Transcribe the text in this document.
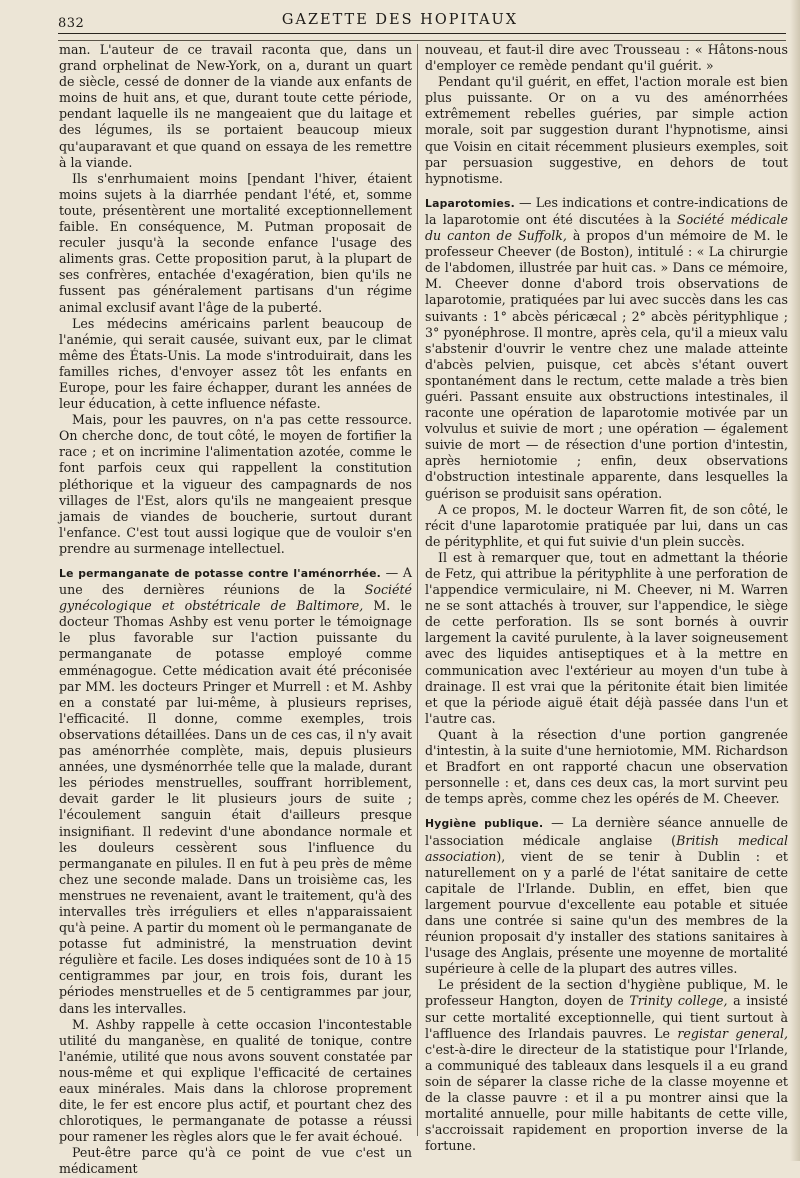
832	GAZETTE DES HOPITAUX

man. L'auteur de ce travail raconta que, dans un grand orphelinat de New-York, on a, durant un quart de siècle, cessé de donner de la viande aux enfants de moins de huit ans, et que, durant toute cette période, pendant laquelle ils ne mangeaient que du laitage et des légumes, ils se portaient beaucoup mieux qu'auparavant et que quand on essaya de les remettre à la viande.

Ils s'enrhumaient moins [pendant l'hiver, étaient moins sujets à la diarrhée pendant l'été, et, somme toute, présentèrent une mortalité exceptionnellement faible. En conséquence, M. Putman proposait de reculer jusqu'à la seconde enfance l'usage des aliments gras. Cette proposition parut, à la plupart de ses confrères, entachée d'exagération, bien qu'ils ne fussent pas généralement partisans d'un régime animal exclusif avant l'âge de la puberté.

Les médecins américains parlent beaucoup de l'anémie, qui serait causée, suivant eux, par le climat même des États-Unis. La mode s'introduirait, dans les familles riches, d'envoyer assez tôt les enfants en Europe, pour les faire échapper, durant les années de leur éducation, à cette influence néfaste.

Mais, pour les pauvres, on n'a pas cette ressource. On cherche donc, de tout côté, le moyen de fortifier la race ; et on incrimine l'alimentation azotée, comme le font parfois ceux qui rappellent la constitution pléthorique et la vigueur des campagnards de nos villages de l'Est, alors qu'ils ne mangeaient presque jamais de viandes de boucherie, surtout durant l'enfance. C'est tout aussi logique que de vouloir s'en prendre au surmenage intellectuel.

Le permanganate de potasse contre l'aménorrhée. — A une des dernières réunions de la Société gynécologique et obstétricale de Baltimore, M. le docteur Thomas Ashby est venu porter le témoignage le plus favorable sur l'action puissante du permanganate de potasse employé comme emménagogue. Cette médication avait été préconisée par MM. les docteurs Pringer et Murrell : et M. Ashby en a constaté par lui-même, à plusieurs reprises, l'efficacité. Il donne, comme exemples, trois observations détaillées. Dans un de ces cas, il n'y avait pas aménorrhée complète, mais, depuis plusieurs années, une dysménorrhée telle que la malade, durant les périodes menstruelles, souffrant horriblement, devait garder le lit plusieurs jours de suite ; l'écoulement sanguin était d'ailleurs presque insignifiant. Il redevint d'une abondance normale et les douleurs cessèrent sous l'influence du permanganate en pilules. Il en fut à peu près de même chez une seconde malade. Dans un troisième cas, les menstrues ne revenaient, avant le traitement, qu'à des intervalles très irréguliers et elles n'apparaissaient qu'à peine. A partir du moment où le permanganate de potasse fut administré, la menstruation devint régulière et facile. Les doses indiquées sont de 10 à 15 centigrammes par jour, en trois fois, durant les périodes menstruelles et de 5 centigrammes par jour, dans les intervalles.

M. Ashby rappelle à cette occasion l'incontestable utilité du manganèse, en qualité de tonique, contre l'anémie, utilité que nous avons souvent constatée par nous-même et qui explique l'efficacité de certaines eaux minérales. Mais dans la chlorose proprement dite, le fer est encore plus actif, et pourtant chez des chlorotiques, le permanganate de potasse a réussi pour ramener les règles alors que le fer avait échoué.

Peut-être parce qu'à ce point de vue c'est un médicament

nouveau, et faut-il dire avec Trousseau : « Hâtons-nous d'employer ce remède pendant qu'il guérit. »

Pendant qu'il guérit, en effet, l'action morale est bien plus puissante. Or on a vu des aménorrhées extrêmement rebelles guéries, par simple action morale, soit par suggestion durant l'hypnotisme, ainsi que Voisin en citait récemment plusieurs exemples, soit par persuasion suggestive, en dehors de tout hypnotisme.

Laparotomies. — Les indications et contre-indications de la laparotomie ont été discutées à la Société médicale du canton de Suffolk, à propos d'un mémoire de M. le professeur Cheever (de Boston), intitulé : « La chirurgie de l'abdomen, illustrée par huit cas. » Dans ce mémoire, M. Cheever donne d'abord trois observations de laparotomie, pratiquées par lui avec succès dans les cas suivants : 1° abcès péricæcal ; 2° abcès pérityphlique ; 3° pyonéphrose. Il montre, après cela, qu'il a mieux valu s'abstenir d'ouvrir le ventre chez une malade atteinte d'abcès pelvien, puisque, cet abcès s'étant ouvert spontanément dans le rectum, cette malade a très bien guéri. Passant ensuite aux obstructions intestinales, il raconte une opération de laparotomie motivée par un volvulus et suivie de mort ; une opération — également suivie de mort — de résection d'une portion d'intestin, après herniotomie ; enfin, deux observations d'obstruction intestinale apparente, dans lesquelles la guérison se produisit sans opération.

A ce propos, M. le docteur Warren fit, de son côté, le récit d'une laparotomie pratiquée par lui, dans un cas de pérityphlite, et qui fut suivie d'un plein succès.

Il est à remarquer que, tout en admettant la théorie de Fetz, qui attribue la pérityphlite à une perforation de l'appendice vermiculaire, ni M. Cheever, ni M. Warren ne se sont attachés à trouver, sur l'appendice, le siège de cette perforation. Ils se sont bornés à ouvrir largement la cavité purulente, à la laver soigneusement avec des liquides antiseptiques et à la mettre en communication avec l'extérieur au moyen d'un tube à drainage. Il est vrai que la péritonite était bien limitée et que la période aiguë était déjà passée dans l'un et l'autre cas.

Quant à la résection d'une portion gangrenée d'intestin, à la suite d'une herniotomie, MM. Richardson et Bradfort en ont rapporté chacun une observation personnelle : et, dans ces deux cas, la mort survint peu de temps après, comme chez les opérés de M. Cheever.

Hygiène publique. — La dernière séance annuelle de l'association médicale anglaise (British medical association), vient de se tenir à Dublin : et naturellement on y a parlé de l'état sanitaire de cette capitale de l'Irlande. Dublin, en effet, bien que largement pourvue d'excellente eau potable et située dans une contrée si saine qu'un des membres de la réunion proposait d'y installer des stations sanitaires à l'usage des Anglais, présente une moyenne de mortalité supérieure à celle de la plupart des autres villes.

Le président de la section d'hygiène publique, M. le professeur Hangton, doyen de Trinity college, a insisté sur cette mortalité exceptionnelle, qui tient surtout à l'affluence des Irlandais pauvres. Le registar general, c'est-à-dire le directeur de la statistique pour l'Irlande, a communiqué des tableaux dans lesquels il a eu grand soin de séparer la classe riche de la classe moyenne et de la classe pauvre : et il a pu montrer ainsi que la mortalité annuelle, pour mille habitants de cette ville, s'accroissait rapidement en proportion inverse de la fortune.
